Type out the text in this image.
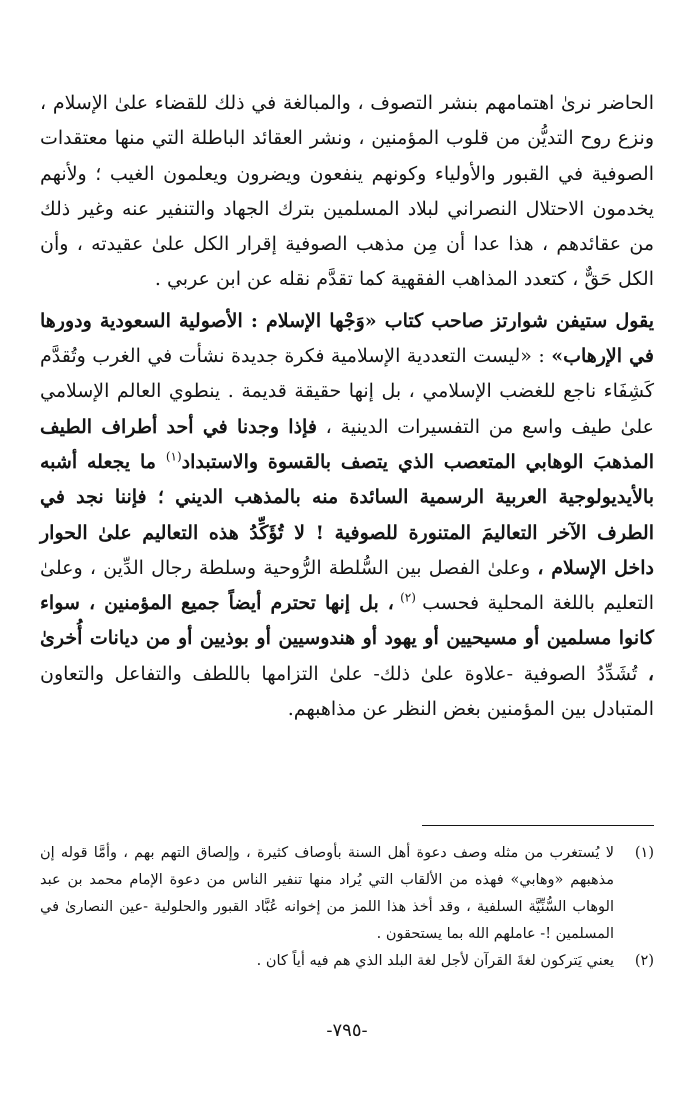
الحاضر نرىٰ اهتمامهم بنشر التصوف ، والمبالغة في ذلك للقضاء علىٰ الإسلام ، ونزع روح التديُّن من قلوب المؤمنين ، ونشر العقائد الباطلة التي منها معتقدات الصوفية في القبور والأولياء وكونهم ينفعون ويضرون ويعلمون الغيب ؛ ولأنهم يخدمون الاحتلال النصراني لبلاد المسلمين بترك الجهاد والتنفير عنه وغير ذلك من عقائدهم ، هذا عدا أن مِن مذهب الصوفية إقرار الكل علىٰ عقيدته ، وأن الكل حَقٌّ ، كتعدد المذاهب الفقهية كما تقدَّم نقله عن ابن عربي .

يقول ستيفن شوارتز صاحب كتاب «وَجْها الإسلام : الأصولية السعودية ودورها في الإرهاب» : «ليست التعددية الإسلامية فكرة جديدة نشأت في الغرب وتُقدَّم كَشِفَاء ناجع للغضب الإسلامي ، بل إنها حقيقة قديمة . ينطوي العالم الإسلامي علىٰ طيف واسع من التفسيرات الدينية ، فإذا وجدنا في أحد أطراف الطيف المذهبَ الوهابي المتعصب الذي يتصف بالقسوة والاستبداد$^{(١)}$ ما يجعله أشبه بالأيديولوجية العربية الرسمية السائدة منه بالمذهب الديني ؛ فإننا نجد في الطرف الآخر التعاليمَ المتنورة للصوفية ! لا تُؤَكِّدُ هذه التعاليم علىٰ الحوار داخل الإسلام ، وعلىٰ الفصل بين السُّلطة الرُّوحية وسلطة رجال الدِّين ، وعلىٰ التعليم باللغة المحلية فحسب $^{(٢)}$ ، بل إنها تحترم أيضاً جميع المؤمنين ، سواء كانوا مسلمين أو مسيحيين أو يهود أو هندوسيين أو بوذيين أو من ديانات أُخرىٰ ، تُشَدِّدُ الصوفية -علاوة علىٰ ذلك- علىٰ التزامها باللطف والتفاعل والتعاون المتبادل بين المؤمنين بغض النظر عن مذاهبهم.

(١)
لا يُستغرب من مثله وصف دعوة أهل السنة بأوصاف كثيرة ، وإلصاق التهم بهم ، وأمَّا قوله إن مذهبهم «وهابي» فهذه من الألقاب التي يُراد منها تنفير الناس من دعوة الإمام محمد بن عبد الوهاب السُّنِّيَّة السلفية ، وقد أخذ هذا اللمز من إخوانه عُبَّاد القبور والحلولية -عين النصارىٰ في المسلمين !- عاملهم الله بما يستحقون .
(٢)
يعني يَتركون لغةَ القرآن لأجل لغة البلد الذي هم فيه أياً كان .
-٧٩٥-
